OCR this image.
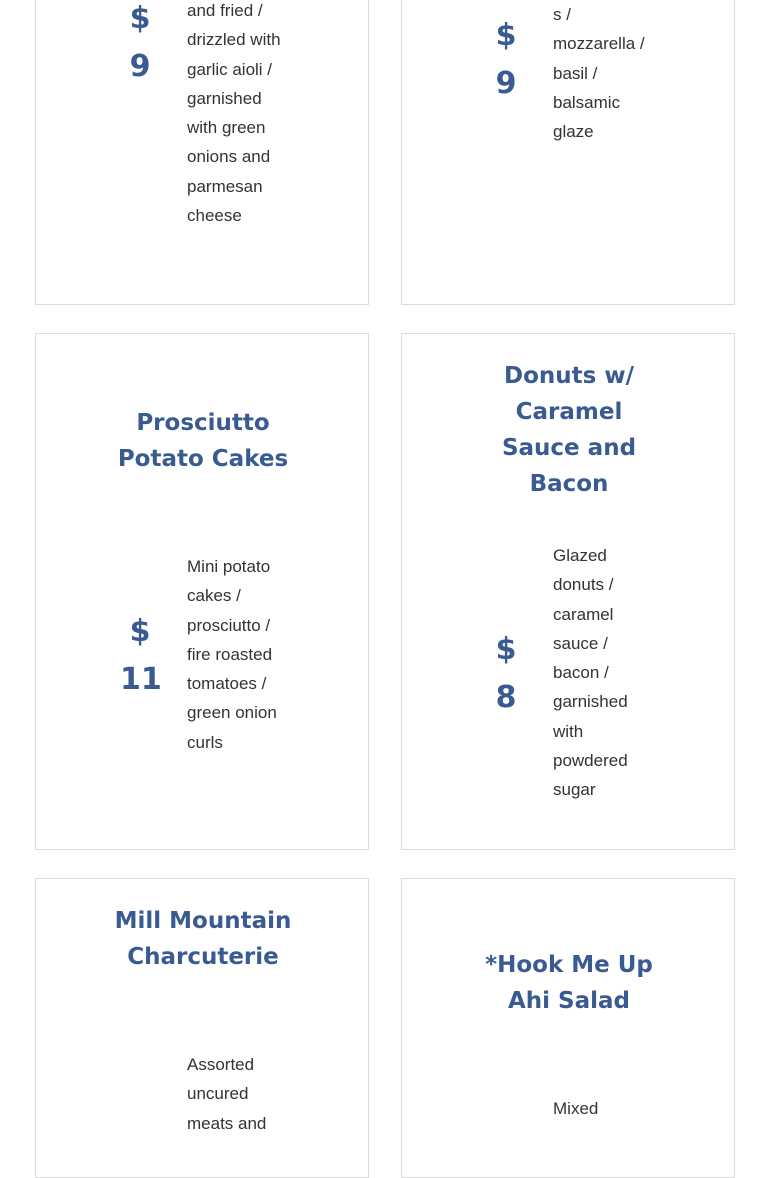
$
9
and fried / drizzled with garlic aioli / garnished with green onions and parmesan cheese
$
9
s / mozzarella / basil / balsamic glaze
Prosciutto Potato Cakes
$
11
Mini potato cakes / prosciutto / fire roasted tomatoes / green onion curls
Donuts w/ Caramel Sauce and Bacon
$
8
Glazed donuts / caramel sauce / bacon / garnished with powdered sugar
Mill Mountain Charcuterie
Assorted uncured meats and
*Hook Me Up Ahi Salad
Mixed
